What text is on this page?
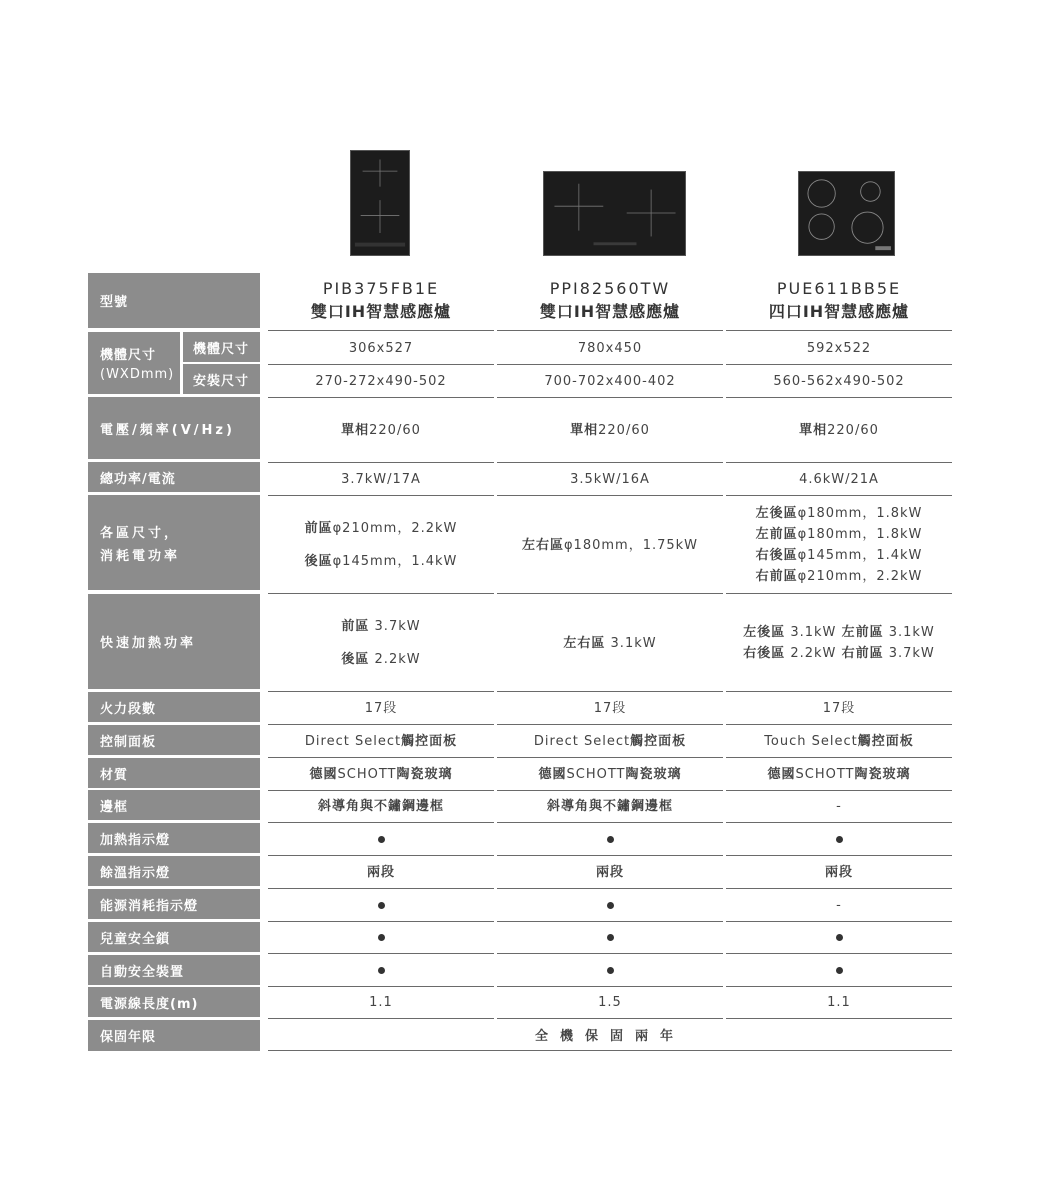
型號
機體尺寸
(WXDmm)
機體尺寸
安裝尺寸
電壓/頻率(V/Hz)
總功率/電流
各區尺寸，
消耗電功率
快速加熱功率
火力段數
控制面板
材質
邊框
加熱指示燈
餘溫指示燈
能源消耗指示燈
兒童安全鎖
自動安全裝置
電源線長度(m)
保固年限
PIB375FB1E
雙口IH智慧感應爐
306x527
270-272x490-502
單相220/60
3.7kW/17A
前區φ210mm，2.2kW
後區φ145mm，1.4kW
前區 3.7kW
後區 2.2kW
17段
Direct Select觸控面板
德國SCHOTT陶瓷玻璃
斜導角與不鏽鋼邊框
兩段
1.1
PPI82560TW
雙口IH智慧感應爐
780x450
700-702x400-402
單相220/60
3.5kW/16A
左右區φ180mm，1.75kW
左右區 3.1kW
17段
Direct Select觸控面板
德國SCHOTT陶瓷玻璃
斜導角與不鏽鋼邊框
兩段
1.5
PUE611BB5E
四口IH智慧感應爐
592x522
560-562x490-502
單相220/60
4.6kW/21A
左後區φ180mm，1.8kW 左前區φ180mm，1.8kW 右後區φ145mm，1.4kW 右前區φ210mm，2.2kW
左後區 3.1kW 左前區 3.1kW 右後區 2.2kW 右前區 3.7kW
17段
Touch Select觸控面板
德國SCHOTT陶瓷玻璃
-
兩段
-
1.1
全機保固兩年
